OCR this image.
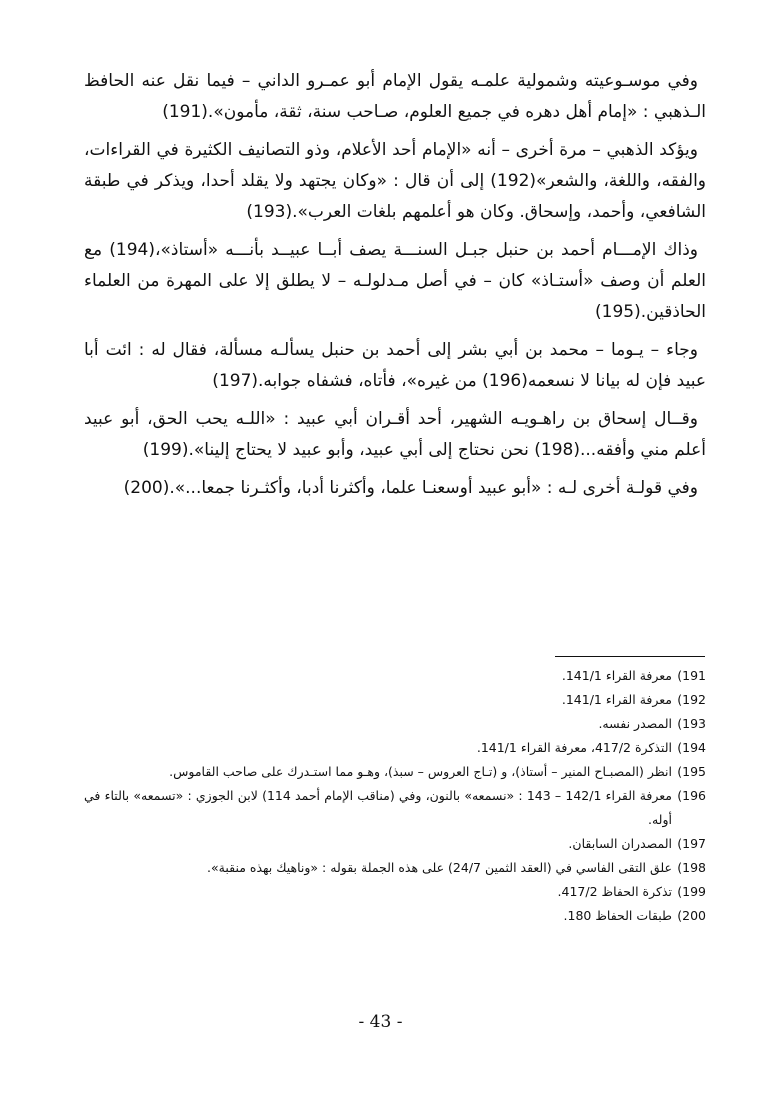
وفي موسـوعيته وشمولية علمـه يقول الإمام أبو عمـرو الداني – فيما نقل عنه الحافظ الـذهبي : «إمام أهل دهره في جميع العلوم، صـاحب سنة، ثقة، مأمون».(191)

ويؤكد الذهبي – مرة أخرى – أنه «الإمام أحد الأعلام، وذو التصانيف الكثيرة في القراءات، والفقه، واللغة، والشعر»(192) إلى أن قال : «وكان يجتهد ولا يقلد أحدا، ويذكر في طبقة الشافعي، وأحمد، وإسحاق. وكان هو أعلمهم بلغات العرب».(193)

وذاك الإمـــام أحمد بن حنبل جبـل السنـــة يصف أبــا عبيــد بأنـــه «أستاذ»،(194) مع العلم أن وصف «أستـاذ» كان – في أصل مـدلولـه – لا يطلق إلا على المهرة من العلماء الحاذقين.(195)

وجاء – يـوما – محمد بن أبي بشر إلى أحمد بن حنبل يسألـه مسألة، فقال له : ائت أبا عبيد فإن له بيانا لا نسعمه(196) من غيره»، فأتاه، فشفاه جوابه.(197)

وقــال إسحاق بن راهـويـه الشهير، أحد أقـران أبي عبيد : «اللـه يحب الحق، أبو عبيد أعلم مني وأفقه...(198) نحن نحتاج إلى أبي عبيد، وأبو عبيد لا يحتاج إلينا».(199)

وفي قولـة أخرى لـه : «أبو عبيد أوسعنـا علما، وأكثرنا أدبا، وأكثـرنا جمعا...».(200)

191)معرفة القراء 141/1.

192)معرفة القراء 141/1.

193)المصدر نفسه.

194)التذكرة 417/2، معرفة القراء 141/1.

195)انظر (المصبـاح المنير – أستاذ)، و (تـاج العروس – سبذ)، وهـو مما استـدرك على صاحب القاموس.

196)معرفة القراء 142/1 – 143 : «نسمعه» بالنون، وفي (مناقب الإمام أحمد 114) لابن الجوزي : «تسمعه» بالتاء في أوله.

197)المصدران السابقان.

198)علق التقى الفاسي في (العقد الثمين 24/7) على هذه الجملة بقوله : «وناهيك بهذه منقبة».

199)تذكرة الحفاظ 417/2.

200)طبقات الحفاظ 180.

- 43 -
